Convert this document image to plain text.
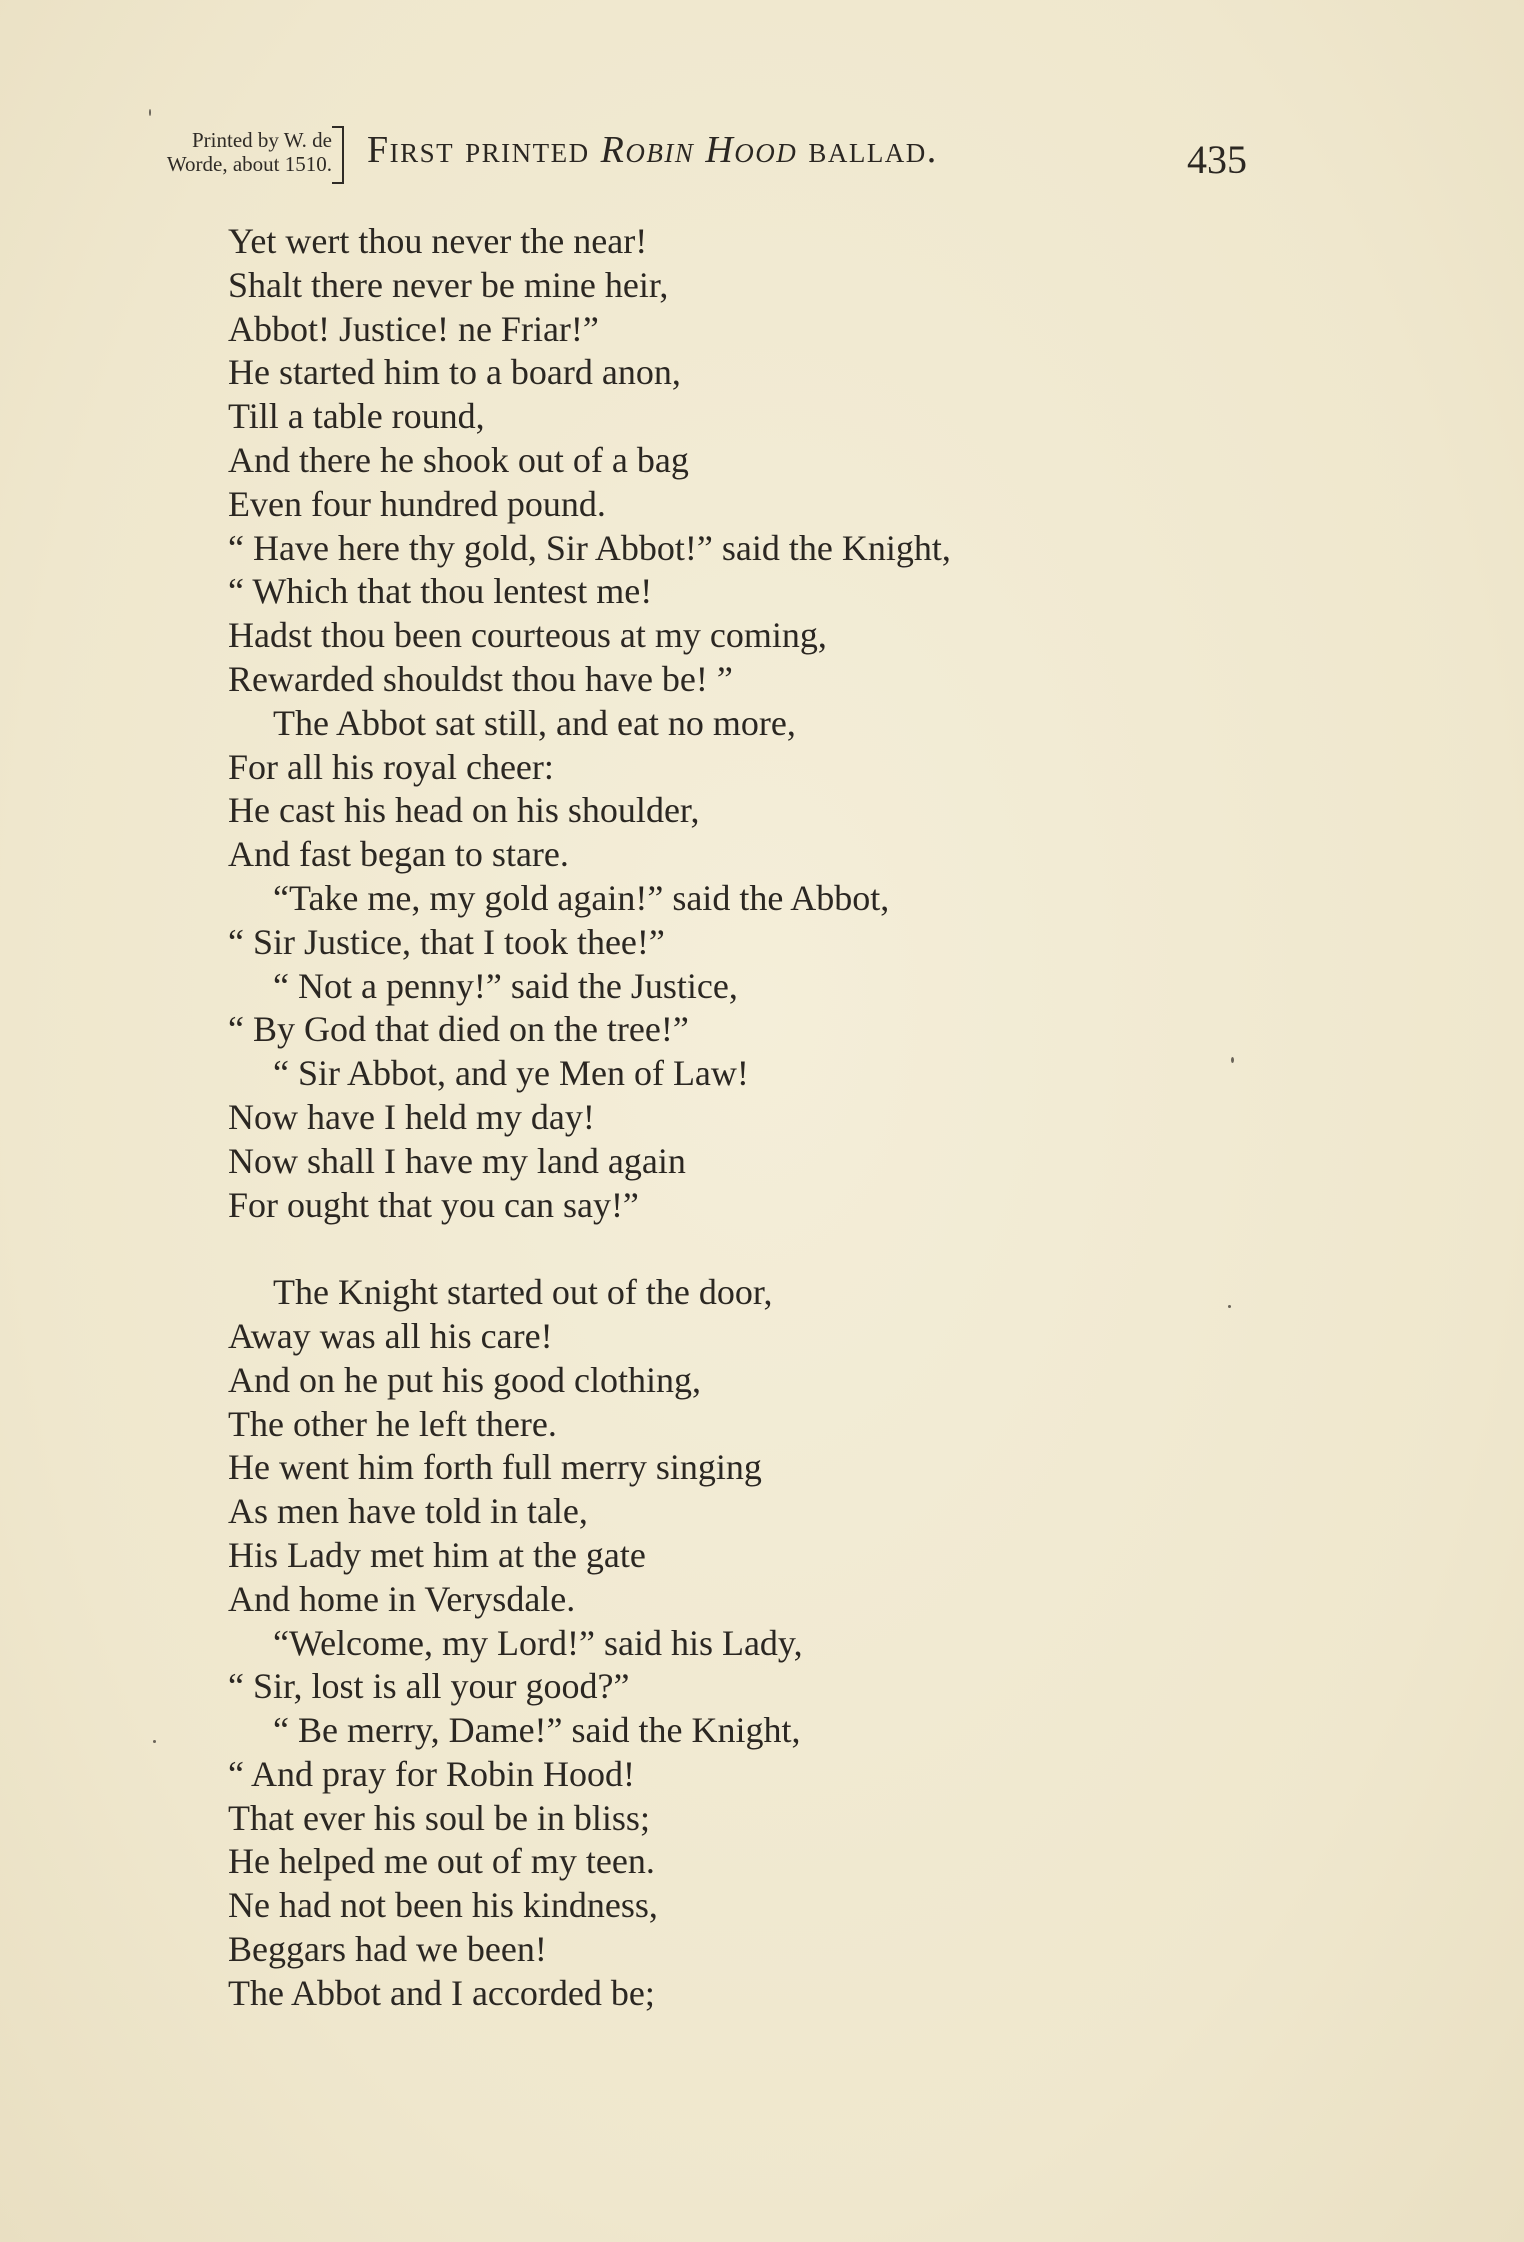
Printed by W. de
Worde, about 1510. First printed Robin Hood ballad.	435
Yet wert thou never the near!
Shalt there never be mine heir,
Abbot! Justice! ne Friar!”
He started him to a board anon,
Till a table round,
And there he shook out of a bag
Even four hundred pound.
“ Have here thy gold, Sir Abbot!” said the Knight,
“ Which that thou lentest me!
Hadst thou been courteous at my coming,
Rewarded shouldst thou have be! ”
The Abbot sat still, and eat no more,
For all his royal cheer:
He cast his head on his shoulder,
And fast began to stare.
“Take me, my gold again!” said the Abbot,
“ Sir Justice, that I took thee!”
“ Not a penny!” said the Justice,
“ By God that died on the tree!”
“ Sir Abbot, and ye Men of Law!
Now have I held my day!
Now shall I have my land again
For ought that you can say!”
The Knight started out of the door,
Away was all his care!
And on he put his good clothing,
The other he left there.
He went him forth full merry singing
As men have told in tale,
His Lady met him at the gate
And home in Verysdale.
“Welcome, my Lord!” said his Lady,
“ Sir, lost is all your good?”
“ Be merry, Dame!” said the Knight,
“ And pray for Robin Hood!
That ever his soul be in bliss;
He helped me out of my teen.
Ne had not been his kindness,
Beggars had we been!
The Abbot and I accorded be;
